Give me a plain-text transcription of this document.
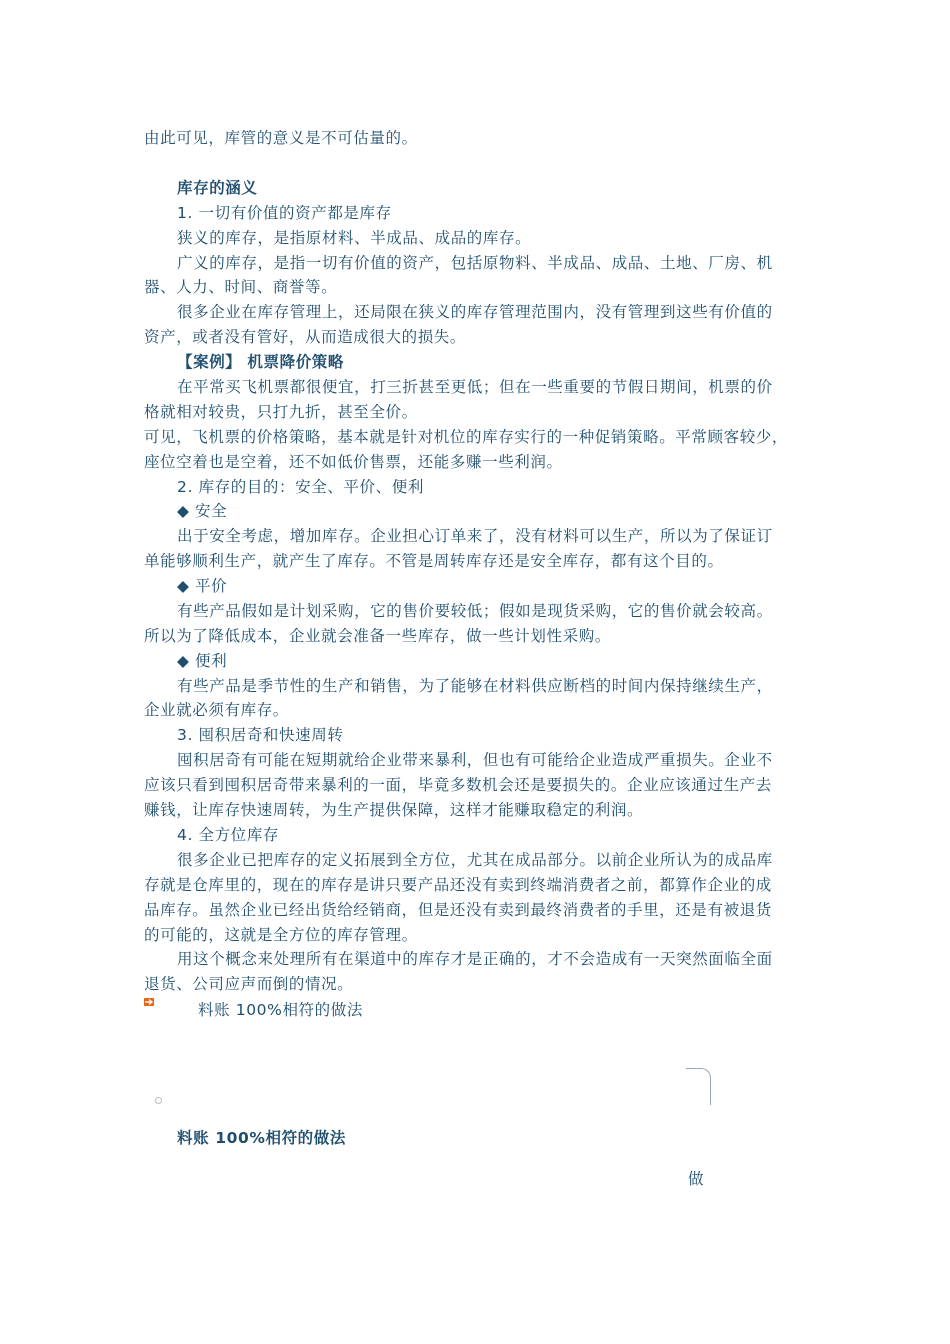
由此可见，库管的意义是不可估量的。
库存的涵义
1. 一切有价值的资产都是库存
狭义的库存，是指原材料、半成品、成品的库存。
广义的库存，是指一切有价值的资产，包括原物料、半成品、成品、土地、厂房、机
器、人力、时间、商誉等。
很多企业在库存管理上，还局限在狭义的库存管理范围内，没有管理到这些有价值的
资产，或者没有管好，从而造成很大的损失。
【案例】 机票降价策略
在平常买飞机票都很便宜，打三折甚至更低；但在一些重要的节假日期间，机票的价
格就相对较贵，只打九折，甚至全价。
可见，飞机票的价格策略，基本就是针对机位的库存实行的一种促销策略。平常顾客较少，
座位空着也是空着，还不如低价售票，还能多赚一些利润。
2. 库存的目的：安全、平价、便利
◆ 安全
出于安全考虑，增加库存。企业担心订单来了，没有材料可以生产，所以为了保证订
单能够顺利生产，就产生了库存。不管是周转库存还是安全库存，都有这个目的。
◆ 平价
有些产品假如是计划采购，它的售价要较低；假如是现货采购，它的售价就会较高。
所以为了降低成本，企业就会准备一些库存，做一些计划性采购。
◆ 便利
有些产品是季节性的生产和销售，为了能够在材料供应断档的时间内保持继续生产，
企业就必须有库存。
3. 囤积居奇和快速周转
囤积居奇有可能在短期就给企业带来暴利，但也有可能给企业造成严重损失。企业不
应该只看到囤积居奇带来暴利的一面，毕竟多数机会还是要损失的。企业应该通过生产去
赚钱，让库存快速周转，为生产提供保障，这样才能赚取稳定的利润。
4. 全方位库存
很多企业已把库存的定义拓展到全方位，尤其在成品部分。以前企业所认为的成品库
存就是仓库里的，现在的库存是讲只要产品还没有卖到终端消费者之前，都算作企业的成
品库存。虽然企业已经出货给经销商，但是还没有卖到最终消费者的手里，还是有被退货
的可能的，这就是全方位的库存管理。
用这个概念来处理所有在渠道中的库存才是正确的，才不会造成有一天突然面临全面
退货、公司应声而倒的情况。
料账 100%相符的做法
料账 100%相符的做法
做
